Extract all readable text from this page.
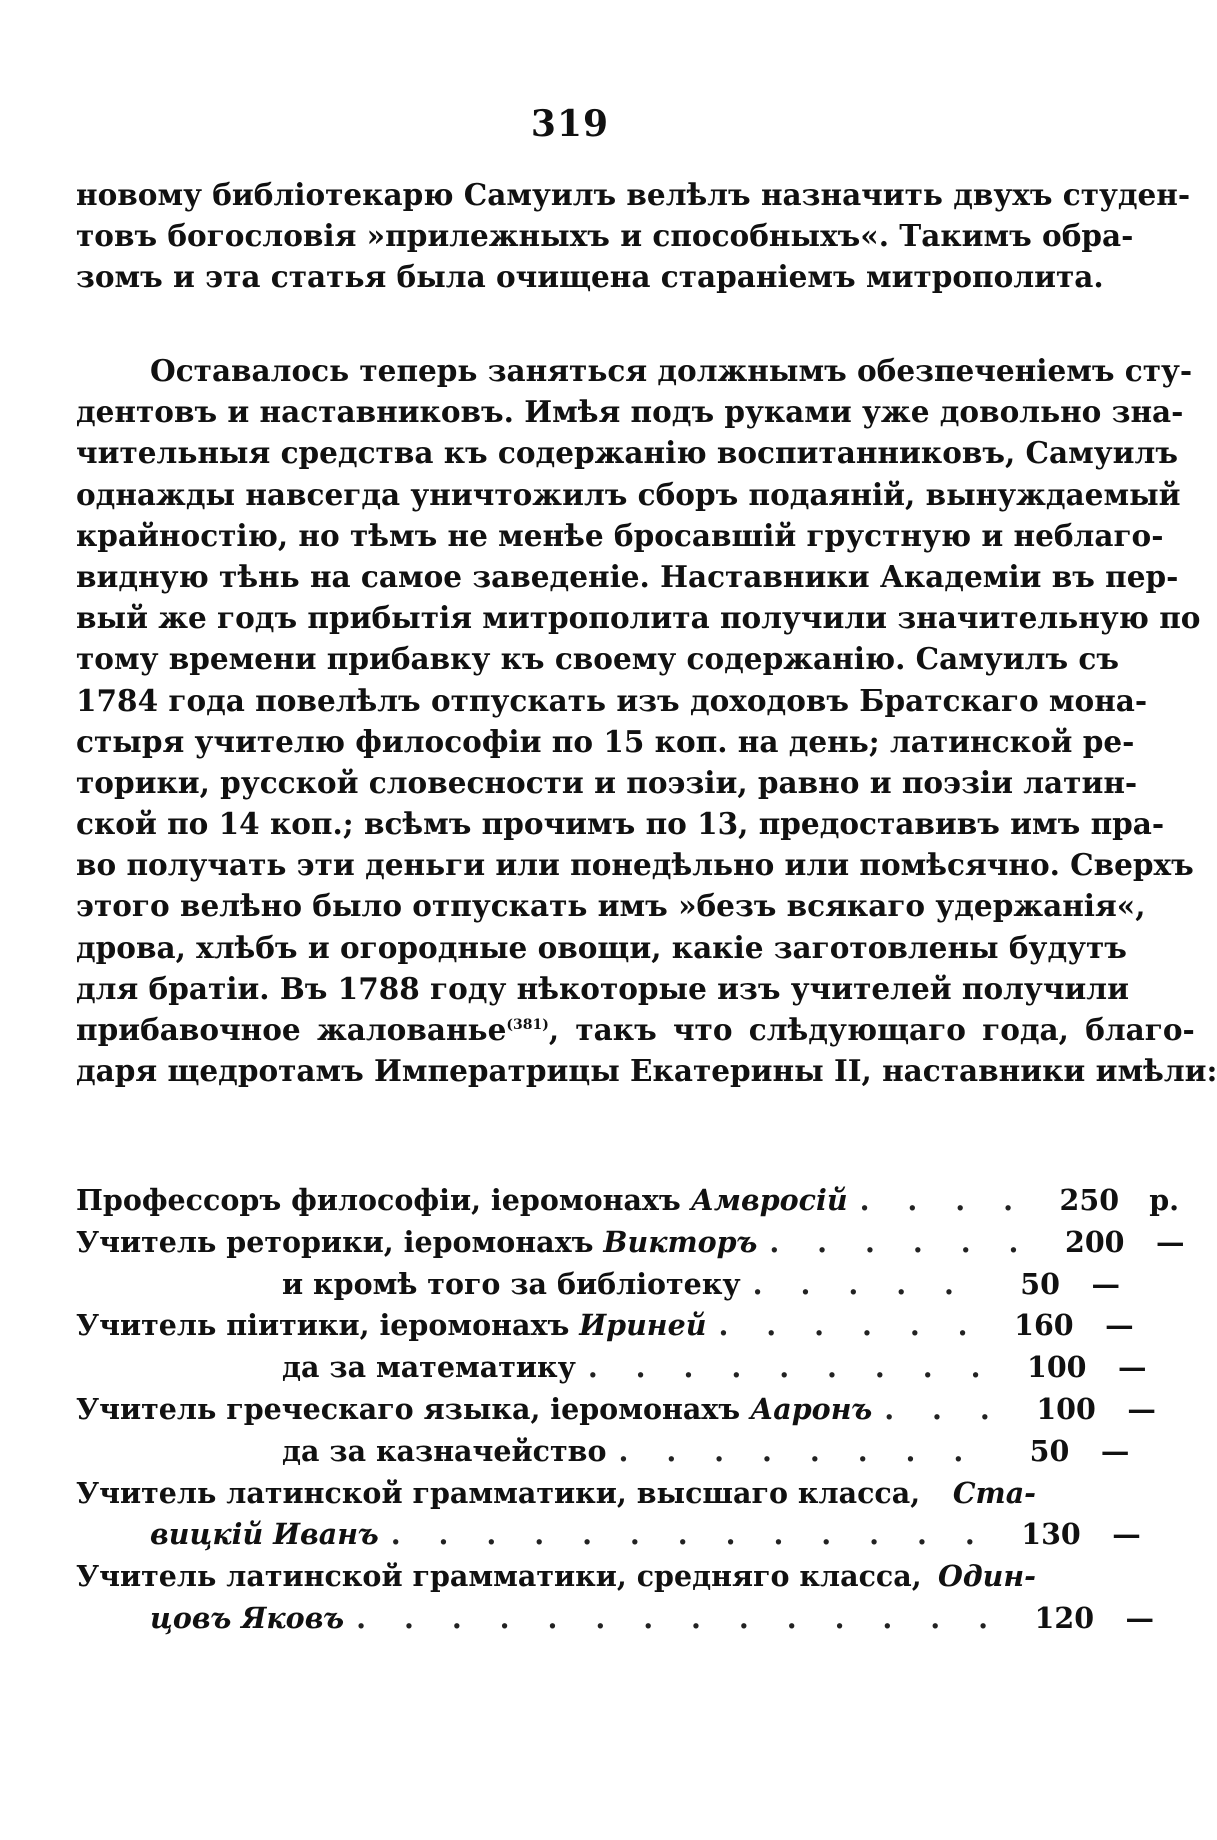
319
новому библіотекарю Самуилъ велѣлъ назначить двухъ студен-
товъ богословія »прилежныхъ и способныхъ«. Такимъ обра-
зомъ и эта статья была очищена стараніемъ митрополита.
Оставалось теперь заняться должнымъ обезпеченіемъ сту-
дентовъ и наставниковъ. Имѣя подъ руками уже довольно зна-
чительныя средства къ содержанію воспитанниковъ, Самуилъ
однажды навсегда уничтожилъ сборъ подаяній, вынуждаемый
крайностію, но тѣмъ не менѣе бросавшій грустную и неблаго-
видную тѣнь на самое заведеніе. Наставники Академіи въ пер-
вый же годъ прибытія митрополита получили значительную по
тому времени прибавку къ своему содержанію. Самуилъ съ
1784 года повелѣлъ отпускать изъ доходовъ Братскаго мона-
стыря учителю философіи по 15 коп. на день; латинской ре-
торики, русской словесности и поэзіи, равно и поэзіи латин-
ской по 14 коп.; всѣмъ прочимъ по 13, предоставивъ имъ пра-
во получать эти деньги или понедѣльно или помѣсячно. Сверхъ
этого велѣно было отпускать имъ »безъ всякаго удержанія«,
дрова, хлѣбъ и огородные овощи, какіе заготовлены будутъ
для братіи. Въ 1788 году нѣкоторые изъ учителей получили
прибавочное жалованье$^{(381)}$, такъ что слѣдующаго года, благо-
даря щедротамъ Императрицы Екатерины II, наставники имѣли:
Профессоръ философіи, іеромонахъ Амвросій . . . .	250	р.
Учитель реторики, іеромонахъ Викторъ . . . . . .	200	—
и кромѣ того за библіотеку . . . . .	50	—
Учитель піитики, іеромонахъ Ириней . . . . . .	160	—
да за математику . . . . . . . . .	100	—
Учитель греческаго языка, іеромонахъ Ааронъ . . .	100	—
да за казначейство . . . . . . . .	50	—
Учитель латинской грамматики, высшаго класса, Ста-
вицкій Иванъ . . . . . . . . . . . . .	130	—
Учитель латинской грамматики, средняго класса, Один-
цовъ Яковъ . . . . . . . . . . . . . .	120	—
